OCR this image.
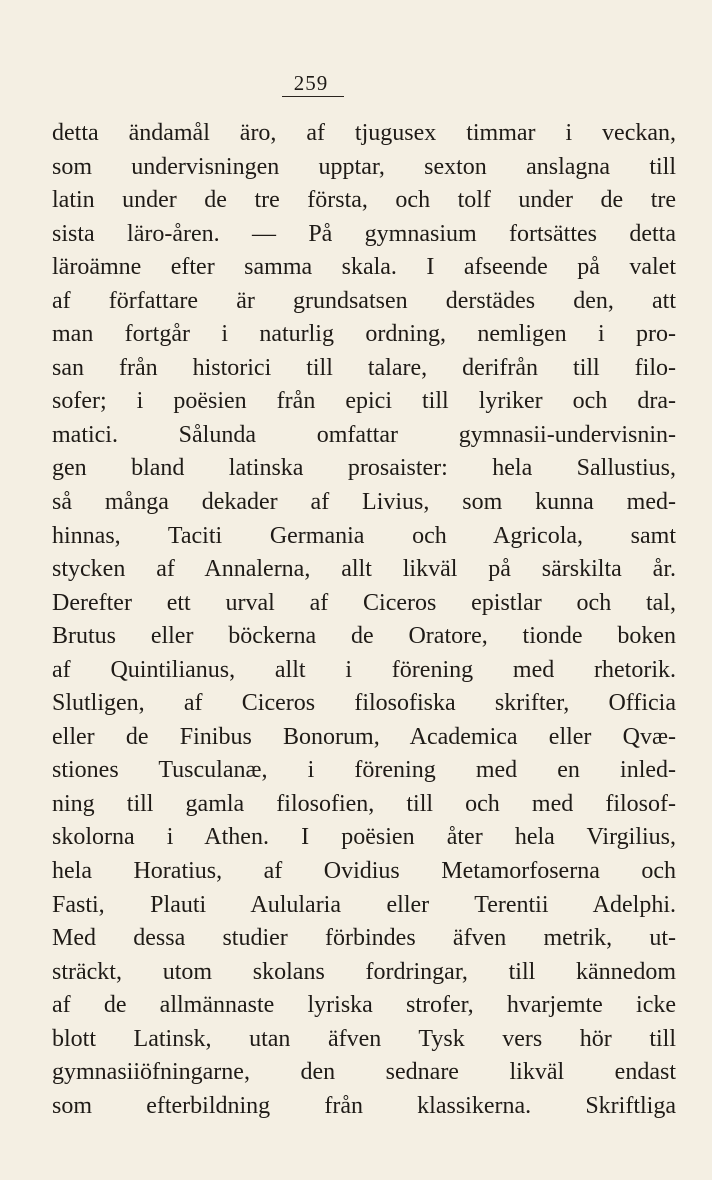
259
detta ändamål äro, af tjugusex timmar i veckan,
som undervisningen upptar, sexton anslagna till
latin under de tre första, och tolf under de tre
sista läro-åren. — På gymnasium fortsättes detta
läroämne efter samma skala. I afseende på valet
af författare är grundsatsen derstädes den, att
man fortgår i naturlig ordning, nemligen i pro-
san från historici till talare, derifrån till filo-
sofer; i poësien från epici till lyriker och dra-
matici. Sålunda omfattar gymnasii-undervisnin-
gen bland latinska prosaister: hela Sallustius,
så många dekader af Livius, som kunna med-
hinnas, Taciti Germania och Agricola, samt
stycken af Annalerna, allt likväl på särskilta år.
Derefter ett urval af Ciceros epistlar och tal,
Brutus eller böckerna de Oratore, tionde boken
af Quintilianus, allt i förening med rhetorik.
Slutligen, af Ciceros filosofiska skrifter, Officia
eller de Finibus Bonorum, Academica eller Qvæ-
stiones Tusculanæ, i förening med en inled-
ning till gamla filosofien, till och med filosof-
skolorna i Athen. I poësien åter hela Virgilius,
hela Horatius, af Ovidius Metamorfoserna och
Fasti, Plauti Aulularia eller Terentii Adelphi.
Med dessa studier förbindes äfven metrik, ut-
sträckt, utom skolans fordringar, till kännedom
af de allmännaste lyriska strofer, hvarjemte icke
blott Latinsk, utan äfven Tysk vers hör till
gymnasiiöfningarne, den sednare likväl endast
som efterbildning från klassikerna. Skriftliga
